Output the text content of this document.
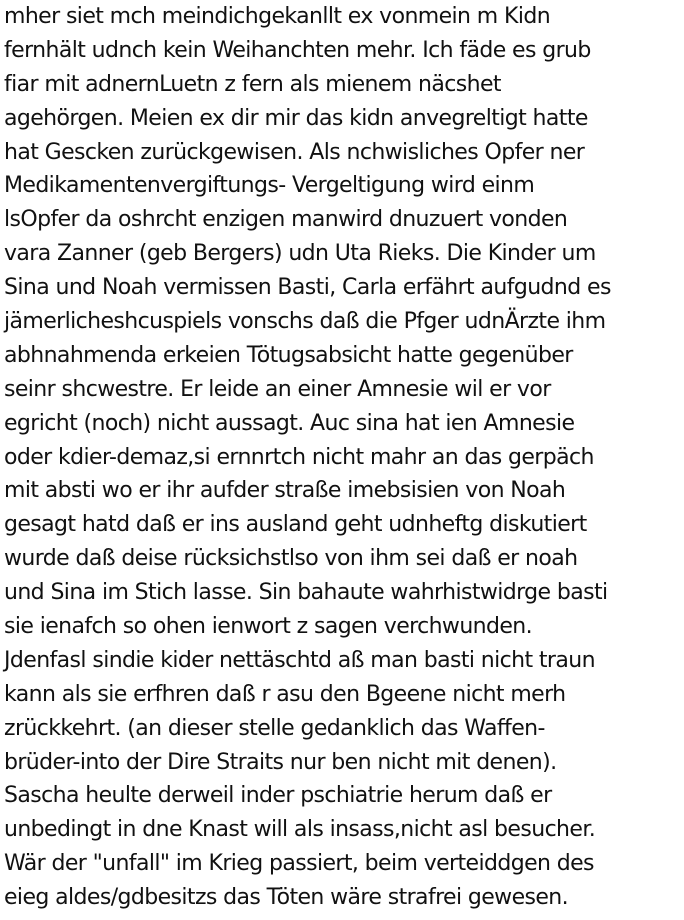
mher siet mch meindichgekanllt ex vonmein m Kidn
fernhält udnch kein Weihanchten mehr. Ich fäde es grub
fiar mit adnernLuetn z fern als mienem näcshet
agehörgen. Meien ex dir mir das kidn anvegreltigt hatte
hat Gescken zurückgewisen. Als nchwisliches Opfer ner
Medikamentenvergiftungs- Vergeltigung wird einm
lsOpfer da oshrcht enzigen manwird dnuzuert vonden
vara Zanner (geb Bergers) udn Uta Rieks. Die Kinder um
Sina und Noah vermissen Basti, Carla erfährt aufgudnd es
jämerlicheshcuspiels vonschs daß die Pfger udnÄrzte ihm
abhnahmenda erkeien Tötugsabsicht hatte gegenüber
seinr shcwestre. Er leide an einer Amnesie wil er vor
egricht (noch) nicht aussagt. Auc sina hat ien Amnesie
oder kdier-demaz,si ernnrtch nicht mahr an das gerpäch
mit absti wo er ihr aufder straße imebsisien von Noah
gesagt hatd daß er ins ausland geht udnheftg diskutiert
wurde daß deise rücksichstlso von ihm sei daß er noah
und Sina im Stich lasse. Sin bahaute wahrhistwidrge basti
sie ienafch so ohen ienwort z sagen verchwunden.
Jdenfasl sindie kider nettäschtd aß man basti nicht traun
kann als sie erfhren daß r asu den Bgeene nicht merh
zrückkehrt. (an dieser stelle gedanklich das Waffen-
brüder-into der Dire Straits nur ben nicht mit denen).
Sascha heulte derweil inder pschiatrie herum daß er
unbedingt in dne Knast will als insass,nicht asl besucher.
Wär der "unfall" im Krieg passiert, beim verteiddgen des
eieg aldes/gdbesitzs das Töten wäre strafrei gewesen.
